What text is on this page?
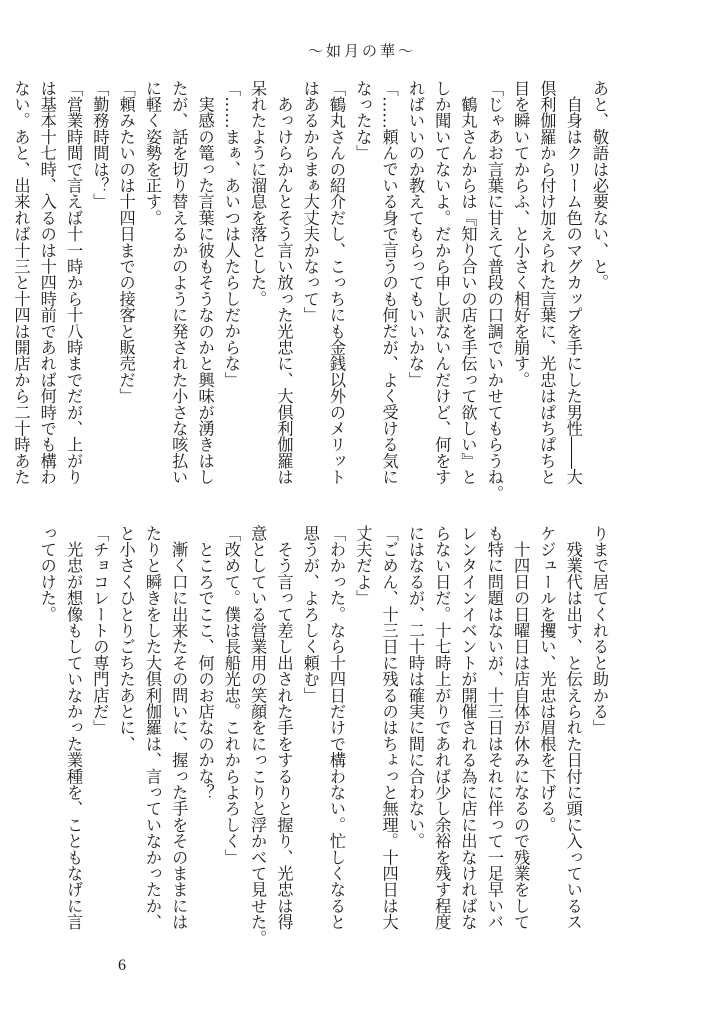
〜如月の華〜

あと、敬語は必要ない、と。

　自身はクリーム色のマグカップを手にした男性――大

倶利伽羅から付け加えられた言葉に、光忠はぱちぱちと

目を瞬いてからふ、と小さく相好を崩す。

「じゃあお言葉に甘えて普段の口調でいかせてもらうね。

　鶴丸さんからは『知り合いの店を手伝って欲しい』と

しか聞いてないよ。だから申し訳ないんだけど、何をす

ればいいのか教えてもらってもいいかな」

「……頼んでいる身で言うのも何だが、よく受ける気に

なったな」

「鶴丸さんの紹介だし、こっちにも金銭以外のメリット

はあるからまぁ大丈夫かなって」

　あっけらかんとそう言い放った光忠に、大倶利伽羅は

呆れたように溜息を落とした。

「……まぁ、あいつは人たらしだからな」

　実感の篭った言葉に彼もそうなのかと興味が湧きはし

たが、話を切り替えるかのように発された小さな咳払い

に軽く姿勢を正す。

「頼みたいのは十四日までの接客と販売だ」

「勤務時間は？」

「営業時間で言えば十一時から十八時までだが、上がり

は基本十七時、入るのは十四時前であれば何時でも構わ

ない。あと、出来れば十三と十四は開店から二十時あた

りまで居てくれると助かる」

　残業代は出す、と伝えられた日付に頭に入っているス

ケジュールを攫い、光忠は眉根を下げる。

　十四日の日曜日は店自体が休みになるので残業をして

も特に問題はないが、十三日はそれに伴って一足早いバ

レンタインイベントが開催される為に店に出なければな

らない日だ。十七時上がりであれば少し余裕を残す程度

にはなるが、二十時は確実に間に合わない。

「ごめん、十三日に残るのはちょっと無理。十四日は大

丈夫だよ」

「わかった。なら十四日だけで構わない。忙しくなると

思うが、よろしく頼む」

　そう言って差し出された手をするりと握り、光忠は得

意としている営業用の笑顔をにっこりと浮かべて見せた。

「改めて。僕は長船光忠。これからよろしく」

　ところでここ、何のお店なのかな？

　漸く口に出来たその問いに、握った手をそのままには

たりと瞬きをした大倶利伽羅は、言っていなかったか、

と小さくひとりごちたあとに、

「チョコレートの専門店だ」

　光忠が想像もしていなかった業種を、こともなげに言

ってのけた。

6
